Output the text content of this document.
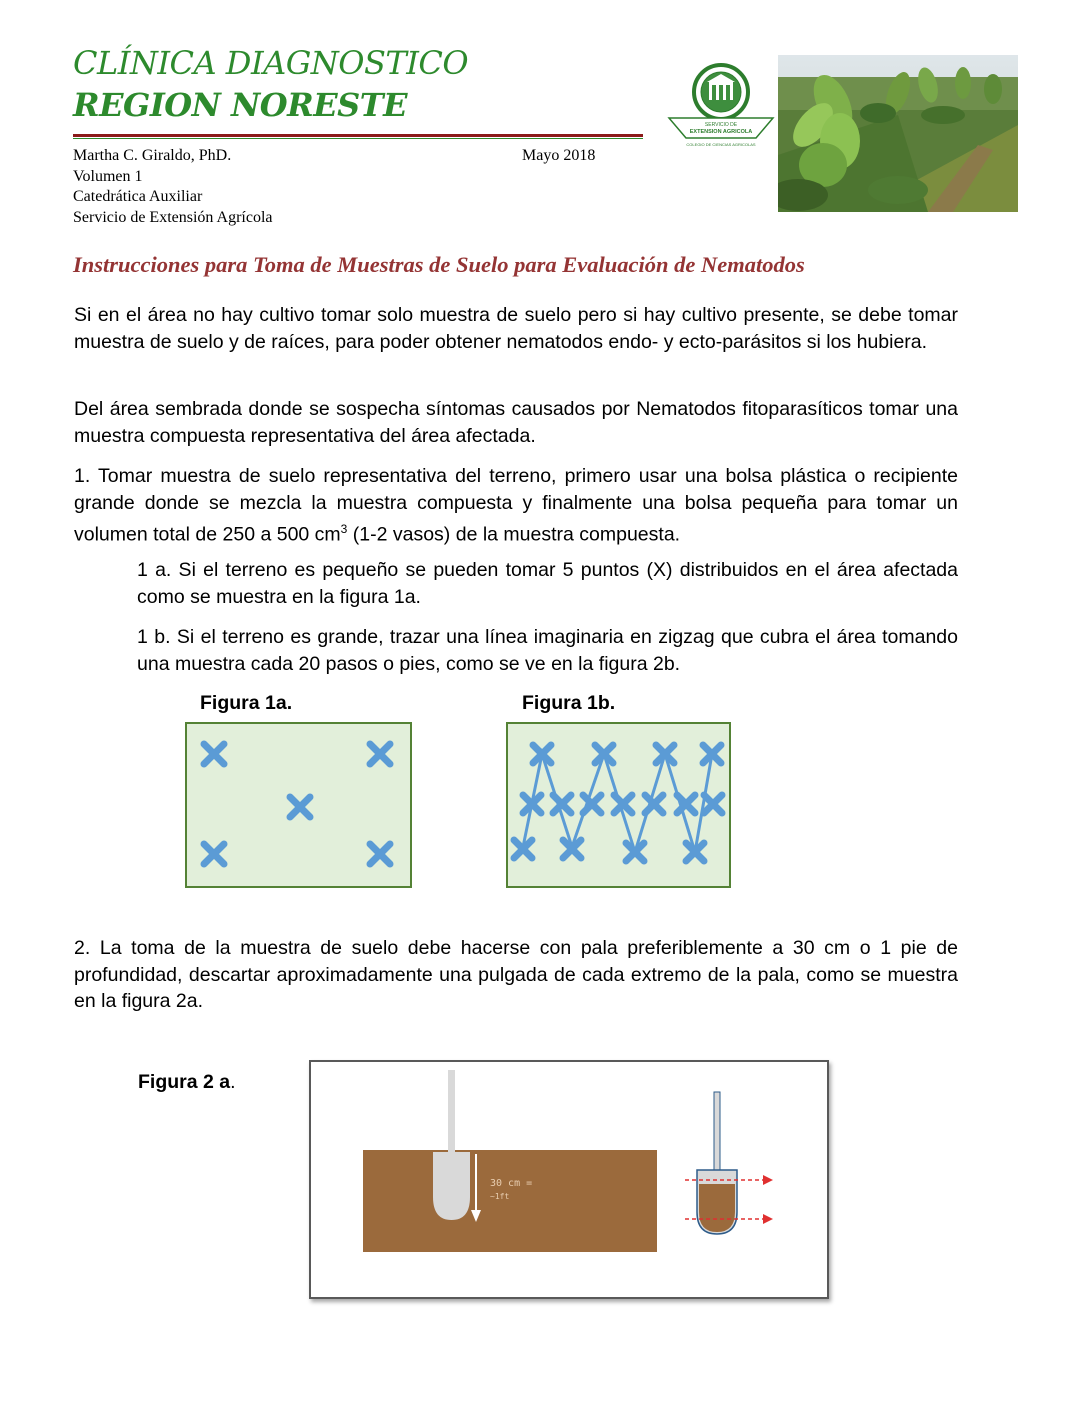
CLÍNICA DIAGNOSTICO
REGION NORESTE
Martha C. Giraldo, PhD.
Volumen 1
Catedrática Auxiliar
Servicio de Extensión Agrícola
Mayo 2018
SERVICIO DE
EXTENSION AGRICOLA
COLEGIO DE CIENCIAS AGRICOLAS
Instrucciones para Toma de Muestras de Suelo para Evaluación de Nematodos

Si en el área no hay cultivo tomar solo muestra de suelo pero si hay cultivo presente, se debe tomar muestra de suelo y de raíces, para poder obtener nematodos endo- y ecto-parásitos si los hubiera.

Del área sembrada donde se sospecha síntomas causados por Nematodos fitoparasíticos tomar una muestra compuesta representativa del área afectada.

1. Tomar muestra de suelo representativa del terreno, primero usar una bolsa plástica o recipiente grande donde se mezcla la muestra compuesta y finalmente una bolsa pequeña para tomar un volumen total de 250 a 500 $cm^3$ (1-2 vasos) de la muestra compuesta.

1 a. Si el terreno es pequeño se pueden tomar 5 puntos (X) distribuidos en el área afectada como se muestra en la figura 1a.

1 b. Si el terreno es grande, trazar una línea imaginaria en zigzag que cubra el área tomando una muestra cada 20 pasos o pies, como se ve en la figura 2b.

Figura 1a.	Figura 1b.

2. La toma de la muestra de suelo debe hacerse con pala preferiblemente a 30 cm o 1 pie de profundidad, descartar aproximadamente una pulgada de cada extremo de la pala, como se muestra en la figura 2a.

Figura 2 a.
30 cm =
~1ft
